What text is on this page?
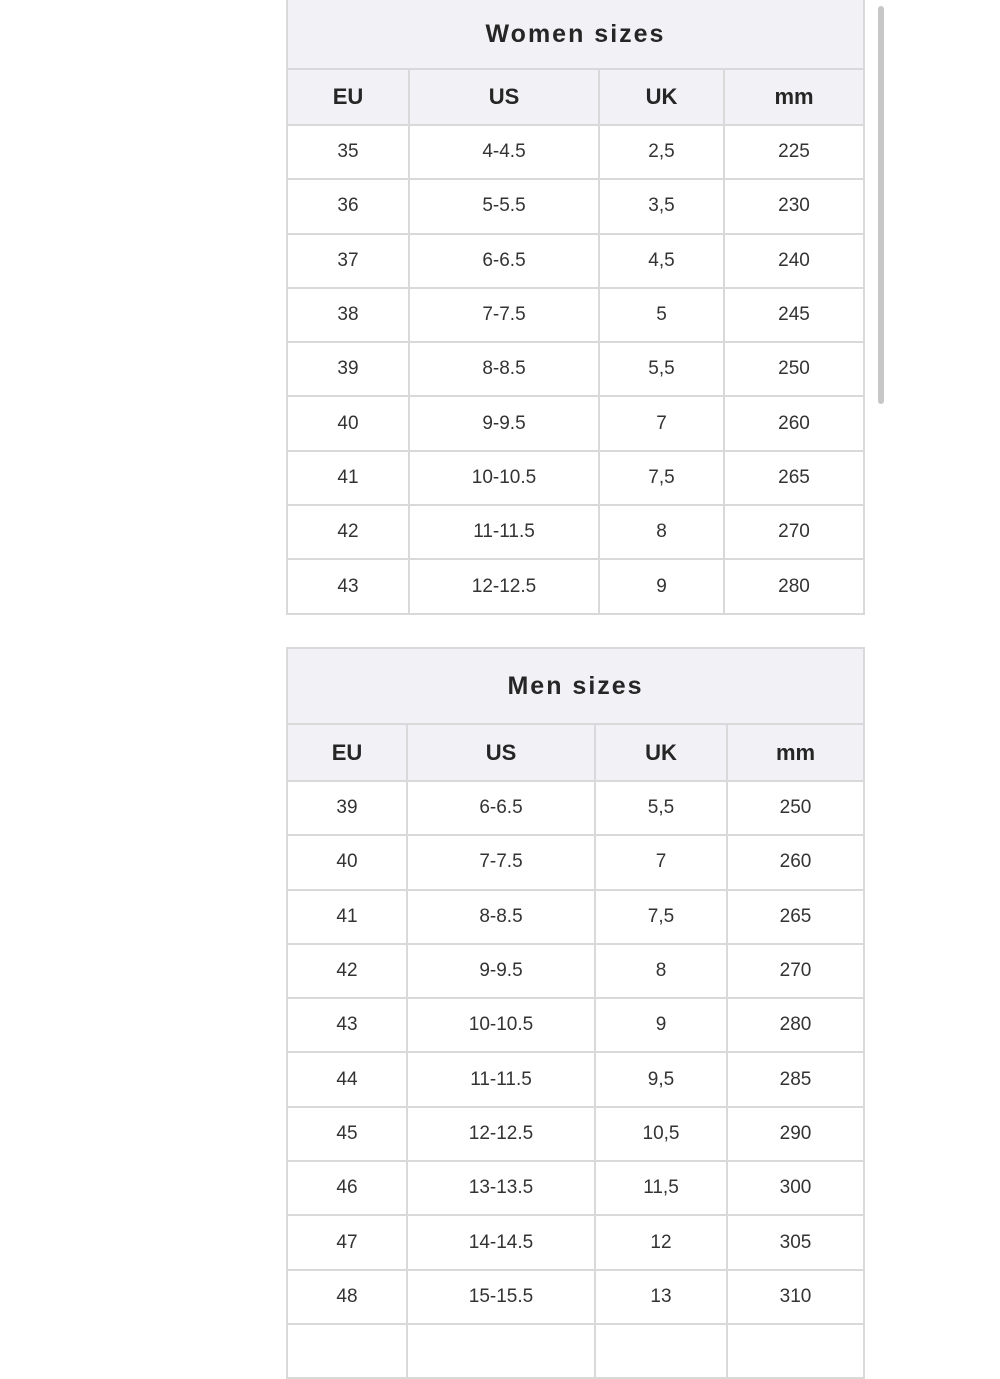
Women sizes			
EU	US	UK	mm
35	4-4.5	2,5	225
36	5-5.5	3,5	230
37	6-6.5	4,5	240
38	7-7.5	5	245
39	8-8.5	5,5	250
40	9-9.5	7	260
41	10-10.5	7,5	265
42	11-11.5	8	270
43	12-12.5	9	280
Men sizes			
EU	US	UK	mm
39	6-6.5	5,5	250
40	7-7.5	7	260
41	8-8.5	7,5	265
42	9-9.5	8	270
43	10-10.5	9	280
44	11-11.5	9,5	285
45	12-12.5	10,5	290
46	13-13.5	11,5	300
47	14-14.5	12	305
48	15-15.5	13	310
